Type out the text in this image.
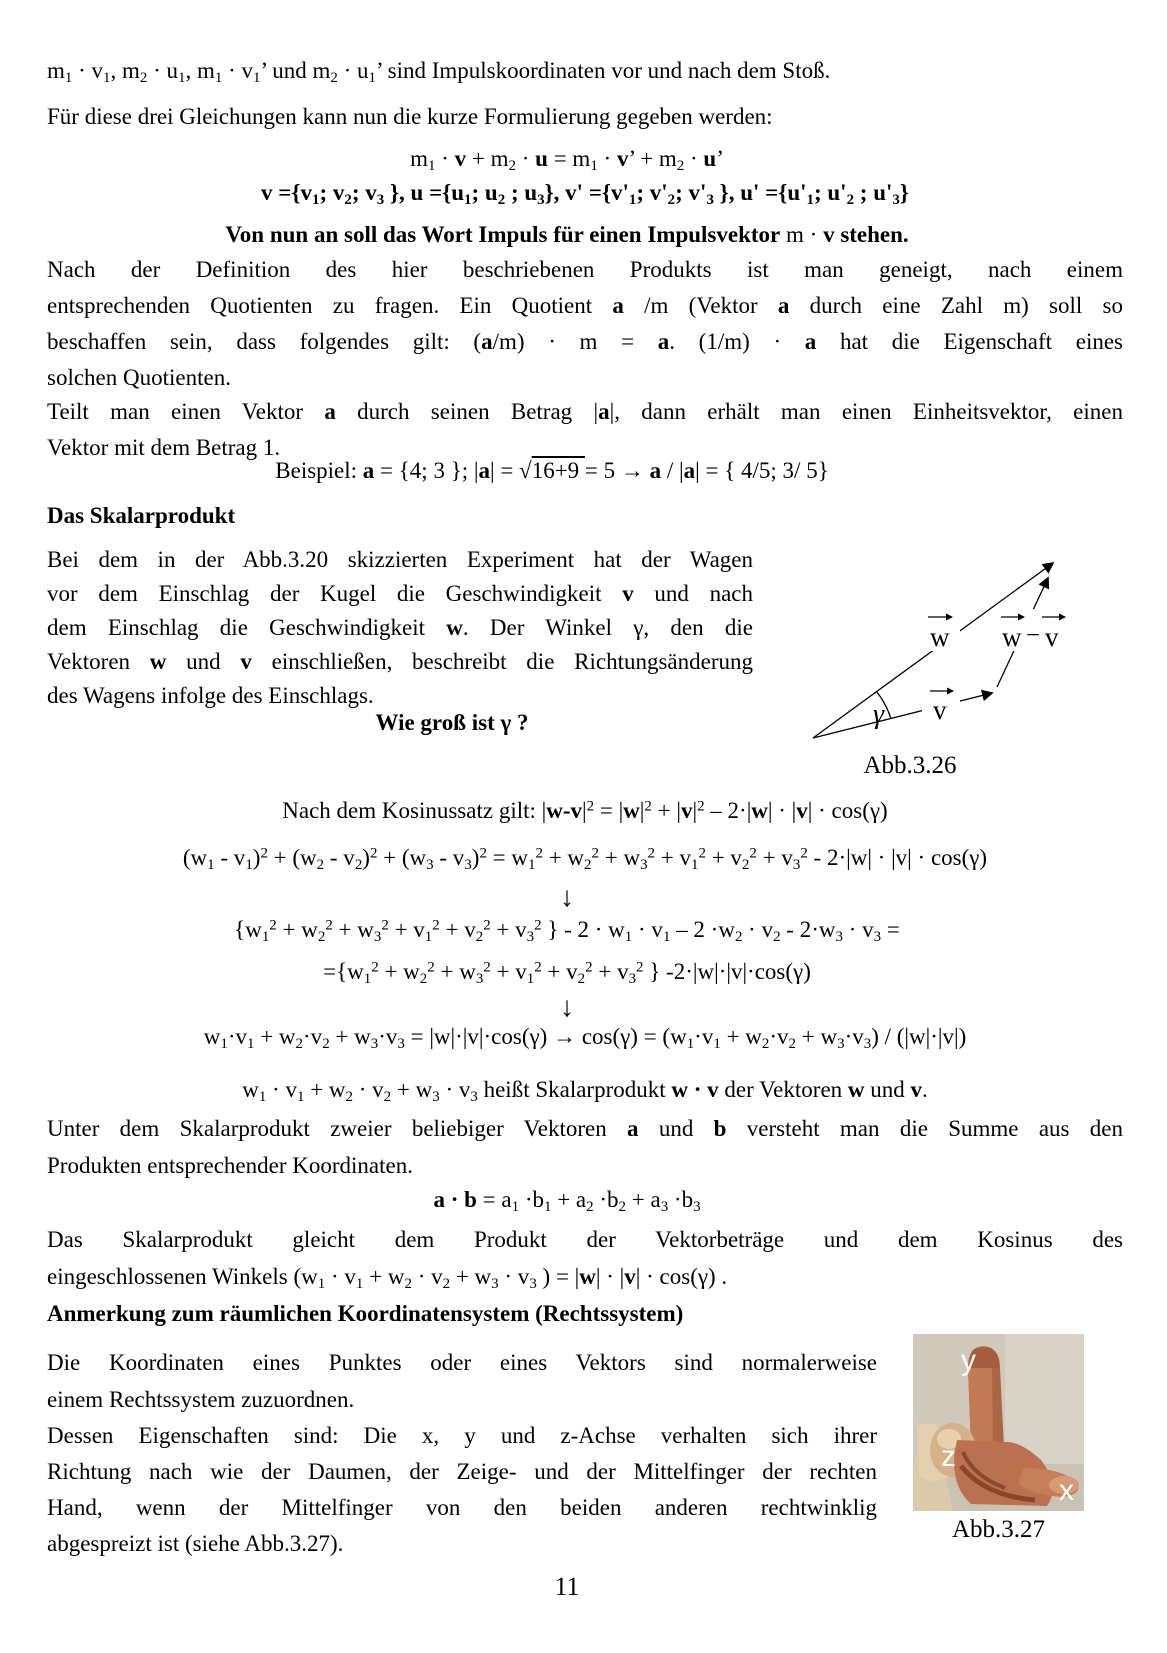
$m_1 \cdot v_1$, $m_2 \cdot u_1$, $m_1 \cdot v_1$’ und $m_2 \cdot u_1$’ sind Impulskoordinaten vor und nach dem Stoß.
Für diese drei Gleichungen kann nun die kurze Formulierung gegeben werden:
$m_1 \cdot v + m_2 \cdot u = m_1 \cdot v$’ + $m_2 \cdot u$’
$v =\{v_1$; $v_2$; $v_3$ }, $u =\{u_1$; $u_2$ ; $u_3$}, $v' =\{v'_1$; $v'_2$; $v'_3$ }, $u' =\{u'_1$; $u'_2$ ; $u'_3$}
Von nun an soll das Wort Impuls für einen Impulsvektor m · v stehen.
Nach der Definition des hier beschriebenen Produkts ist man geneigt, nach einem
entsprechenden Quotienten zu fragen. Ein Quotient a /m (Vektor a durch eine Zahl m) soll so
beschaffen sein, dass folgendes gilt: (a/m) · m = a. (1/m) · a hat die Eigenschaft eines
solchen Quotienten.
Teilt man einen Vektor a durch seinen Betrag |a|, dann erhält man einen Einheitsvektor, einen
Vektor mit dem Betrag 1.
Beispiel: a = {4; 3 }; |a| = √16+9 = 5 → a / |a| = { 4/5; 3/ 5}
Das Skalarprodukt
Bei dem in der Abb.3.20 skizzierten Experiment hat der Wagen
vor dem Einschlag der Kugel die Geschwindigkeit v und nach
dem Einschlag die Geschwindigkeit w. Der Winkel γ, den die
Vektoren w und v einschließen, beschreibt die Richtungsänderung
des Wagens infolge des Einschlags.
Wie groß ist γ ?
w
v
w − v
γ
Abb.3.26
Nach dem Kosinussatz gilt: $|w-v|^2 = |w|^2 + |v|^2 - 2\cdot|w| \cdot |v| \cdot \cos(\gamma)$
$(w_1 - v_1)^2 + (w_2 - v_2)^2 + (w_3 - v_3)^2 = w_1^2 + w_2^2 + w_3^2 + v_1^2 + v_2^2 + v_3^2 - 2\cdot|w| \cdot |v| \cdot \cos(\gamma)$
↓
{$w_1^2 + w_2^2 + w_3^2 + v_1^2 + v_2^2 + v_3^2$ } - $2 \cdot w_1 \cdot v_1 - 2 \cdot w_2 \cdot v_2 - 2\cdot w_3 \cdot v_3$ =
$=\{w_1^2 + w_2^2 + w_3^2 + v_1^2 + v_2^2 + v_3^2$ } -2·|w|·|v|·cos(γ)
↓
$w_1\cdot v_1 + w_2\cdot v_2 + w_3\cdot v_3 = |w|\cdot|v|\cdot\cos(\gamma) \to \cos(\gamma) = (w_1\cdot v_1 + w_2\cdot v_2 + w_3\cdot v_3) / (|w|\cdot|v|)$
$w_1 \cdot v_1 + w_2 \cdot v_2 + w_3 \cdot v_3$ heißt Skalarprodukt w · v der Vektoren w und v.
Unter dem Skalarprodukt zweier beliebiger Vektoren a und b versteht man die Summe aus den
Produkten entsprechender Koordinaten.
$a \cdot b = a_1 \cdot b_1 + a_2 \cdot b_2 + a_3 \cdot b_3$
Das Skalarprodukt gleicht dem Produkt der Vektorbeträge und dem Kosinus des
eingeschlossenen Winkels ($w_1 \cdot v_1 + w_2 \cdot v_2 + w_3 \cdot v_3$ ) = |w| · |v| · cos(γ) .
Anmerkung zum räumlichen Koordinatensystem (Rechtssystem)
Die Koordinaten eines Punktes oder eines Vektors sind normalerweise
einem Rechtssystem zuzuordnen.
Dessen Eigenschaften sind: Die x, y und z-Achse verhalten sich ihrer
Richtung nach wie der Daumen, der Zeige- und der Mittelfinger der rechten
Hand, wenn der Mittelfinger von den beiden anderen rechtwinklig
abgespreizt ist (siehe Abb.3.27).
y
z
x
Abb.3.27
11
